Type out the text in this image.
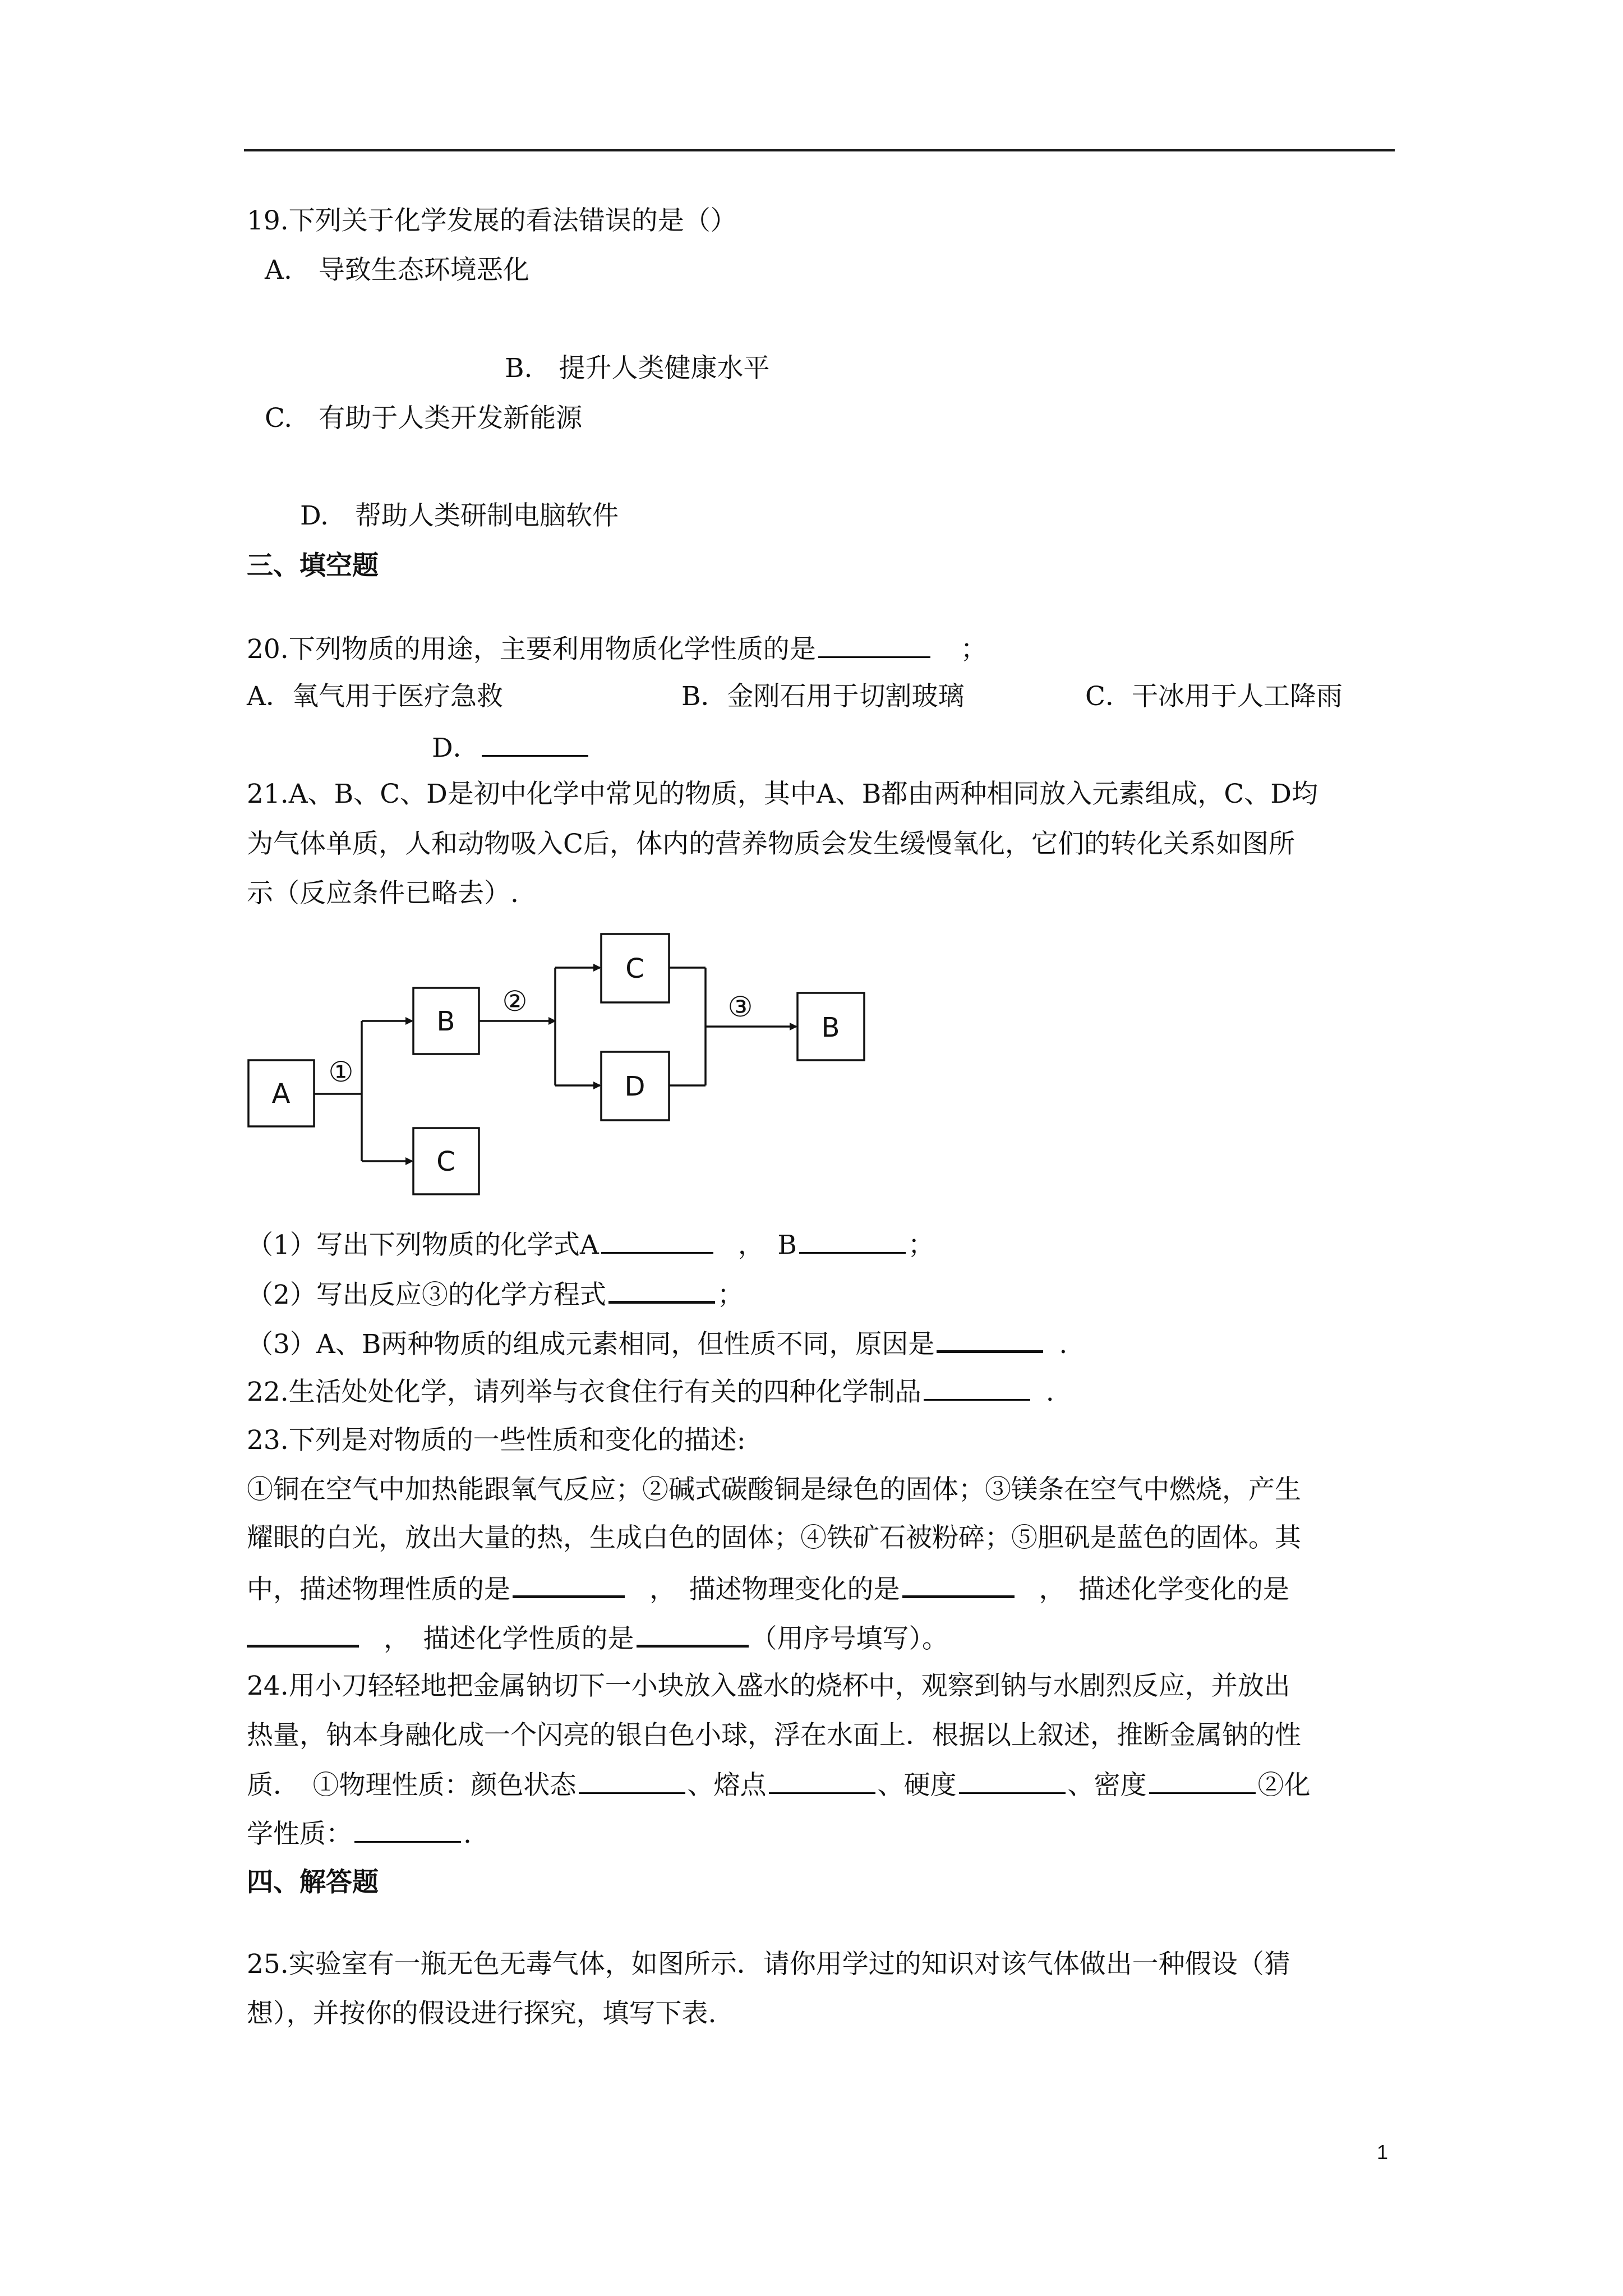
19.下列关于化学发展的看法错误的是（）
A.　导致生态环境恶化
B.　提升人类健康水平
C.　有助于人类开发新能源
D.　帮助人类研制电脑软件
三、填空题
20.下列物质的用途，主要利用物质化学性质的是	；
A．氧气用于医疗急救	B．金刚石用于切割玻璃	C．干冰用于人工降雨
D．
21.A、B、C、D是初中化学中常见的物质，其中A、B都由两种相同放入元素组成，C、D均
为气体单质，人和动物吸入C后，体内的营养物质会发生缓慢氧化，它们的转化关系如图所
示（反应条件已略去）.
A
B
C
C
D
B
①
②	③
（1）写出下列物质的化学式A	，　B	；
（2）写出反应③的化学方程式	；
（3）A、B两种物质的组成元素相同，但性质不同，原因是	.
22.生活处处化学，请列举与衣食住行有关的四种化学制品	.
23.下列是对物质的一些性质和变化的描述:
①铜在空气中加热能跟氧气反应；②碱式碳酸铜是绿色的固体；③镁条在空气中燃烧，产生
耀眼的白光，放出大量的热，生成白色的固体；④铁矿石被粉碎；⑤胆矾是蓝色的固体。其
中，描述物理性质的是	，　描述物理变化的是	，　描述化学变化的是
，　描述化学性质的是	（用序号填写）。
24.用小刀轻轻地把金属钠切下一小块放入盛水的烧杯中，观察到钠与水剧烈反应，并放出
热量，钠本身融化成一个闪亮的银白色小球，浮在水面上．根据以上叙述，推断金属钠的性
质．　①物理性质：颜色状态	、熔点	、硬度	、密度	②化
学性质：	.
四、解答题
25.实验室有一瓶无色无毒气体，如图所示．请你用学过的知识对该气体做出一种假设（猜
想），并按你的假设进行探究，填写下表.
1
